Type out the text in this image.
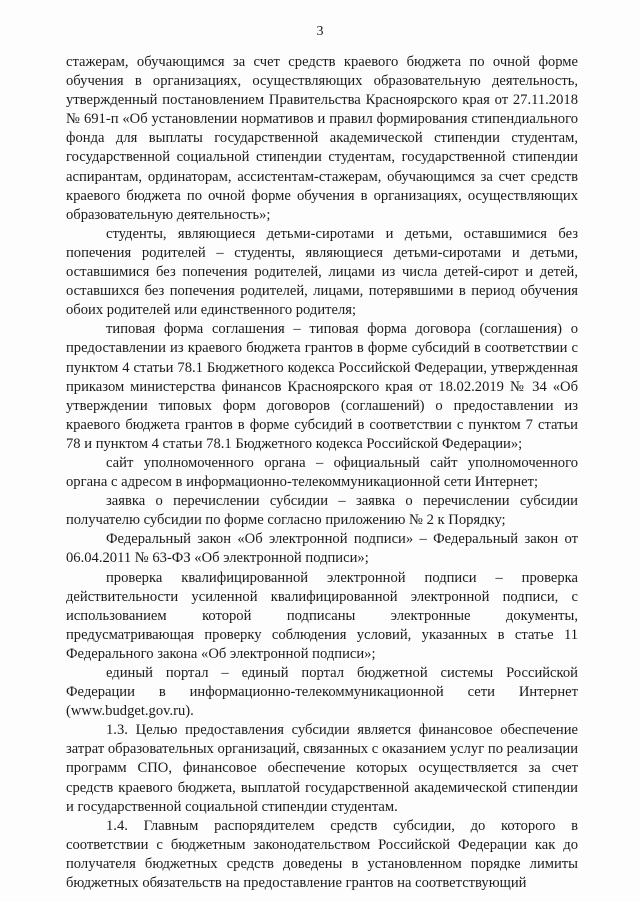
3

стажерам, обучающимся за счет средств краевого бюджета по очной форме обучения в организациях, осуществляющих образовательную деятельность, утвержденный постановлением Правительства Красноярского края от 27.11.2018 № 691-п «Об установлении нормативов и правил формирования стипендиального фонда для выплаты государственной академической стипендии студентам, государственной социальной стипендии студентам, государственной стипендии аспирантам, ординаторам, ассистентам-стажерам, обучающимся за счет средств краевого бюджета по очной форме обучения в организациях, осуществляющих образовательную деятельность»;

студенты, являющиеся детьми-сиротами и детьми, оставшимися без попечения родителей – студенты, являющиеся детьми-сиротами и детьми, оставшимися без попечения родителей, лицами из числа детей-сирот и детей, оставшихся без попечения родителей, лицами, потерявшими в период обучения обоих родителей или единственного родителя;

типовая форма соглашения – типовая форма договора (соглашения) о предоставлении из краевого бюджета грантов в форме субсидий в соответствии с пунктом 4 статьи 78.1 Бюджетного кодекса Российской Федерации, утвержденная приказом министерства финансов Красноярского края от 18.02.2019 № 34 «Об утверждении типовых форм договоров (соглашений) о предоставлении из краевого бюджета грантов в форме субсидий в соответствии с пунктом 7 статьи 78 и пунктом 4 статьи 78.1 Бюджетного кодекса Российской Федерации»;

сайт уполномоченного органа – официальный сайт уполномоченного органа с адресом в информационно-телекоммуникационной сети Интернет;

заявка о перечислении субсидии – заявка о перечислении субсидии получателю субсидии по форме согласно приложению № 2 к Порядку;

Федеральный закон «Об электронной подписи» – Федеральный закон от 06.04.2011 № 63-ФЗ «Об электронной подписи»;

проверка квалифицированной электронной подписи – проверка действительности усиленной квалифицированной электронной подписи, с использованием которой подписаны электронные документы, предусматривающая проверку соблюдения условий, указанных в статье 11 Федерального закона «Об электронной подписи»;

единый портал – единый портал бюджетной системы Российской Федерации в информационно-телекоммуникационной сети Интернет (www.budget.gov.ru).

1.3. Целью предоставления субсидии является финансовое обеспечение затрат образовательных организаций, связанных с оказанием услуг по реализации программ СПО, финансовое обеспечение которых осуществляется за счет средств краевого бюджета, выплатой государственной академической стипендии и государственной социальной стипендии студентам.

1.4. Главным распорядителем средств субсидии, до которого в соответствии с бюджетным законодательством Российской Федерации как до получателя бюджетных средств доведены в установленном порядке лимиты бюджетных обязательств на предоставление грантов на соответствующий
